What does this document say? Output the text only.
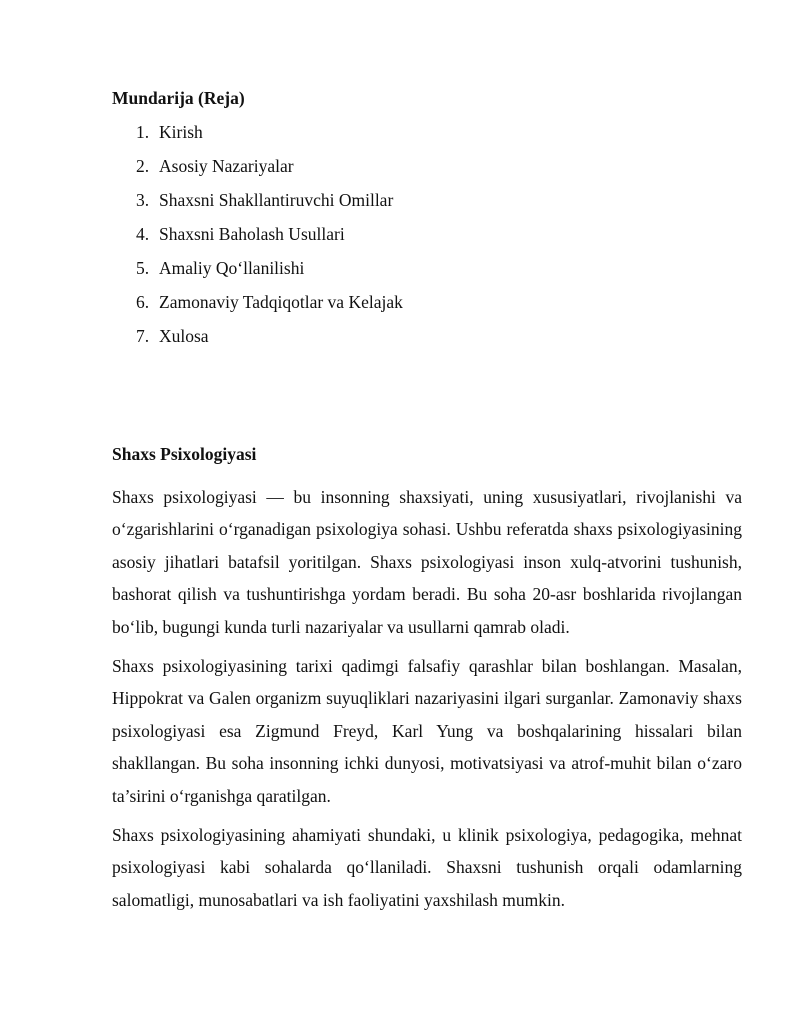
Mundarija (Reja)
1. Kirish
2. Asosiy Nazariyalar
3. Shaxsni Shakllantiruvchi Omillar
4. Shaxsni Baholash Usullari
5. Amaliy Qo‘llanilishi
6. Zamonaviy Tadqiqotlar va Kelajak
7. Xulosa
Shaxs Psixologiyasi

Shaxs psixologiyasi — bu insonning shaxsiyati, uning xususiyatlari, rivojlanishi va o‘zgarishlarini o‘rganadigan psixologiya sohasi. Ushbu referatda shaxs psixologiyasining asosiy jihatlari batafsil yoritilgan. Shaxs psixologiyasi inson xulq-atvorini tushunish, bashorat qilish va tushuntirishga yordam beradi. Bu soha 20-asr boshlarida rivojlangan bo‘lib, bugungi kunda turli nazariyalar va usullarni qamrab oladi.

Shaxs psixologiyasining tarixi qadimgi falsafiy qarashlar bilan boshlangan. Masalan, Hippokrat va Galen organizm suyuqliklari nazariyasini ilgari surganlar. Zamonaviy shaxs psixologiyasi esa Zigmund Freyd, Karl Yung va boshqalarining hissalari bilan shakllangan. Bu soha insonning ichki dunyosi, motivatsiyasi va atrof-muhit bilan o‘zaro ta’sirini o‘rganishga qaratilgan.

Shaxs psixologiyasining ahamiyati shundaki, u klinik psixologiya, pedagogika, mehnat psixologiyasi kabi sohalarda qo‘llaniladi. Shaxsni tushunish orqali odamlarning salomatligi, munosabatlari va ish faoliyatini yaxshilash mumkin.
